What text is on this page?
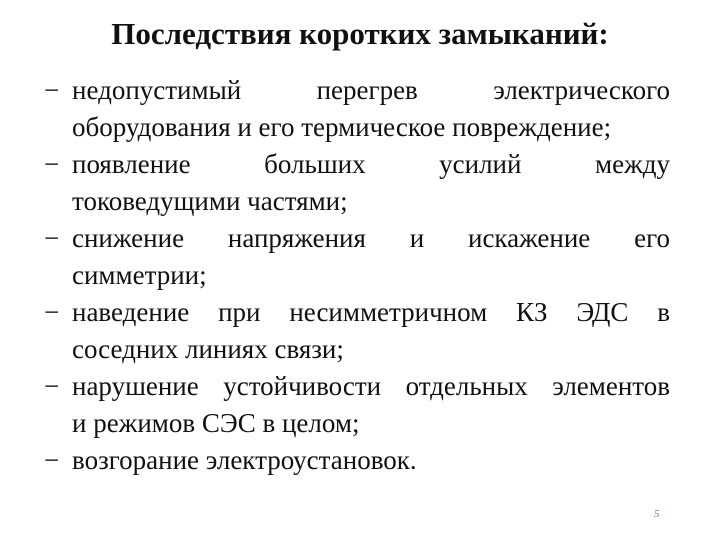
Последствия коротких замыканий:
− недопустимый перегрев электрического
оборудования и его термическое повреждение;
− появление больших усилий между
токоведущими частями;
− снижение напряжения и искажение его
симметрии;
− наведение при несимметричном КЗ ЭДС в
соседних линиях связи;
− нарушение устойчивости отдельных элементов
и режимов СЭС в целом;
− возгорание электроустановок.
5
